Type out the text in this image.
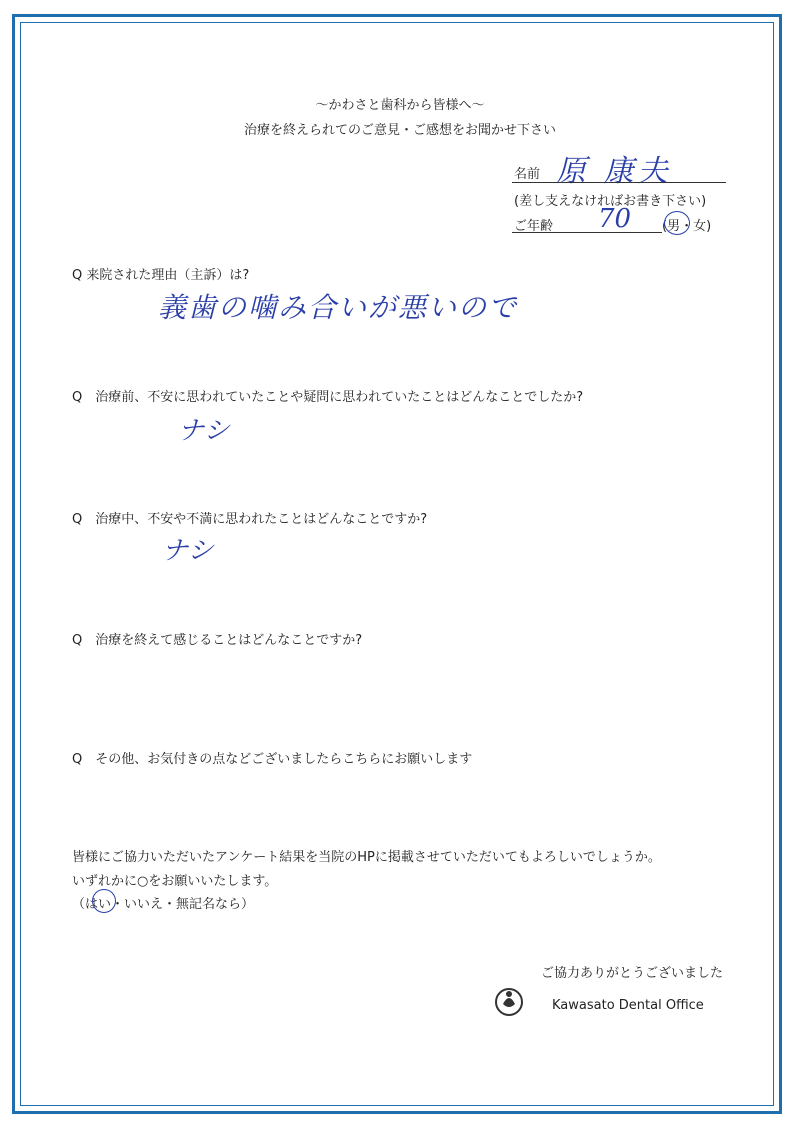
〜かわさと歯科から皆様へ〜
治療を終えられてのご意見・ご感想をお聞かせ下さい
名前 原 康夫
(差し支えなければお書き下さい)
ご年齢 70 (男・女)
Q 来院された理由（主訴）は?
義歯の噛み合いが悪いので
Q　治療前、不安に思われていたことや疑問に思われていたことはどんなことでしたか?
ナシ
Q　治療中、不安や不満に思われたことはどんなことですか?
ナシ
Q　治療を終えて感じることはどんなことですか?
Q　その他、お気付きの点などございましたらこちらにお願いします
皆様にご協力いただいたアンケート結果を当院のHPに掲載させていただいてもよろしいでしょうか。
いずれかに○をお願いいたします。
（はい・いいえ・無記名なら）
ご協力ありがとうございました
Kawasato Dental Office
